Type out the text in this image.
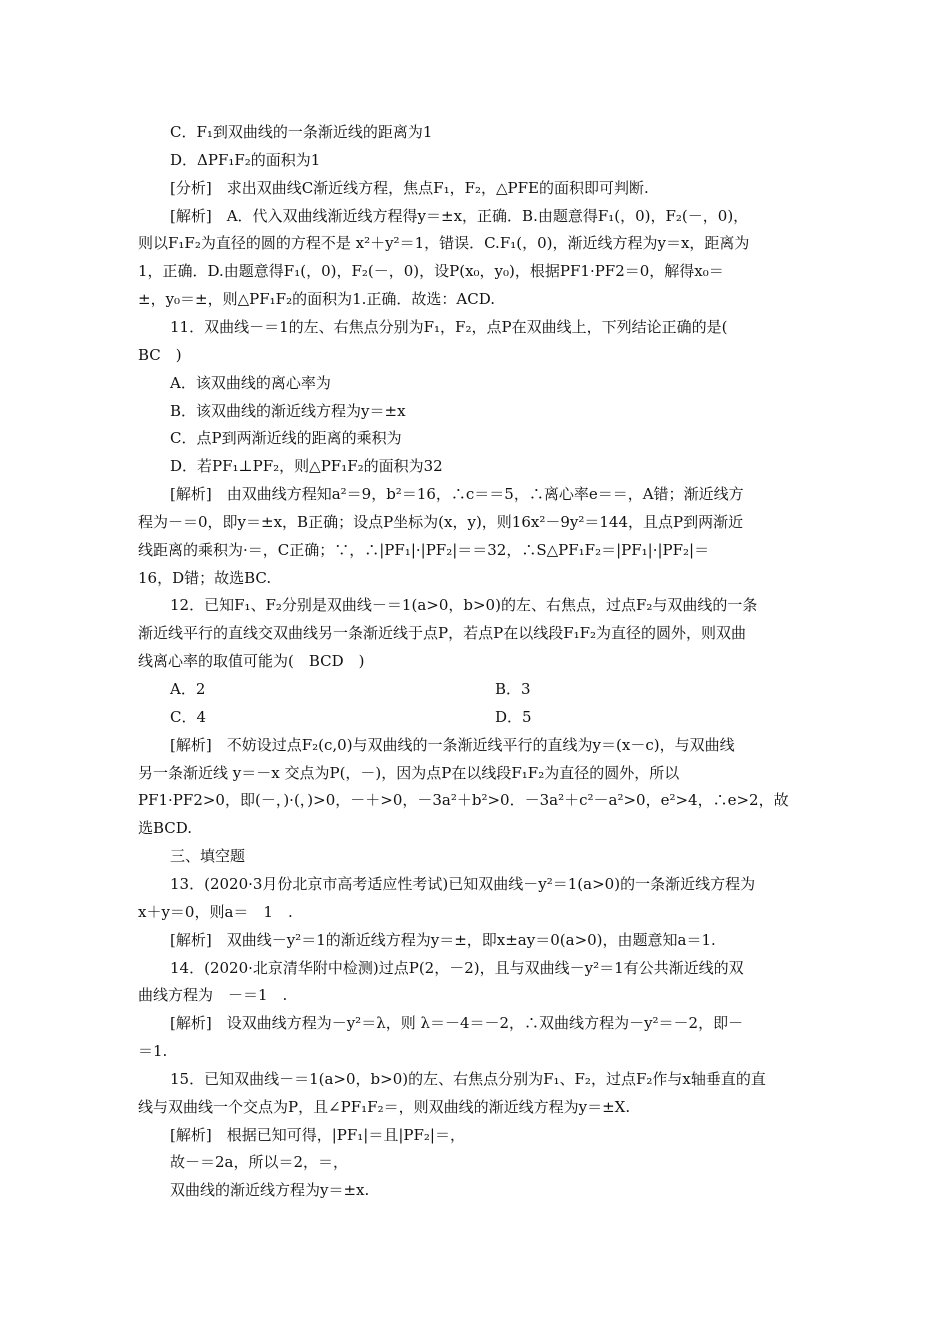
C．F₁到双曲线的一条渐近线的距离为1
D．ΔPF₁F₂的面积为1
[分析]　求出双曲线C渐近线方程，焦点F₁，F₂，△PFE的面积即可判断.
[解析]　A．代入双曲线渐近线方程得y＝±x，正确．B.由题意得F₁(，0)，F₂(－，0)，
则以F₁F₂为直径的圆的方程不是 x²＋y²＝1，错误．C.F₁(，0)，渐近线方程为y＝x，距离为
1，正确．D.由题意得F₁(，0)，F₂(－，0)，设P(x₀，y₀)，根据PF1·PF2＝0，解得x₀＝
±，y₀＝±，则△PF₁F₂的面积为1.正确．故选：ACD.
11．双曲线－＝1的左、右焦点分别为F₁，F₂，点P在双曲线上，下列结论正确的是(
BC　)
A．该双曲线的离心率为
B．该双曲线的渐近线方程为y＝±x
C．点P到两渐近线的距离的乘积为
D．若PF₁⊥PF₂，则△PF₁F₂的面积为32
[解析]　由双曲线方程知a²＝9，b²＝16，∴c＝＝5，∴离心率e＝＝，A错；渐近线方
程为－＝0，即y＝±x，B正确；设点P坐标为(x，y)，则16x²－9y²＝144，且点P到两渐近
线距离的乘积为·＝，C正确；∵，∴|PF₁|·|PF₂|＝＝32，∴S△PF₁F₂＝|PF₁|·|PF₂|＝
16，D错；故选BC.
12．已知F₁、F₂分别是双曲线－＝1(a>0，b>0)的左、右焦点，过点F₂与双曲线的一条
渐近线平行的直线交双曲线另一条渐近线于点P，若点P在以线段F₁F₂为直径的圆外，则双曲
线离心率的取值可能为(　BCD　)
A．2	B．3
C．4	D．5
[解析]　不妨设过点F₂(c,0)与双曲线的一条渐近线平行的直线为y＝(x－c)，与双曲线
另一条渐近线 y＝－x 交点为P(，－)，因为点P在以线段F₁F₂为直径的圆外，所以
PF1·PF2>0，即(－，)·(，)>0，－＋>0，－3a²＋b²>0．－3a²＋c²－a²>0，e²>4，∴e>2，故
选BCD.
三、填空题
13．(2020·3月份北京市高考适应性考试)已知双曲线－y²＝1(a>0)的一条渐近线方程为
x＋y＝0，则a＝　1　.
[解析]　双曲线－y²＝1的渐近线方程为y＝±，即x±ay＝0(a>0)，由题意知a＝1.
14．(2020·北京清华附中检测)过点P(2，－2)，且与双曲线－y²＝1有公共渐近线的双
曲线方程为　－＝1　.
[解析]　设双曲线方程为－y²＝λ，则 λ＝－4＝－2，∴双曲线方程为－y²＝－2，即－
＝1.
15．已知双曲线－＝1(a>0，b>0)的左、右焦点分别为F₁、F₂，过点F₂作与x轴垂直的直
线与双曲线一个交点为P，且∠PF₁F₂＝，则双曲线的渐近线方程为y＝±X.
[解析]　根据已知可得，|PF₁|＝且|PF₂|＝，
故－＝2a，所以＝2，＝，
双曲线的渐近线方程为y＝±x.
